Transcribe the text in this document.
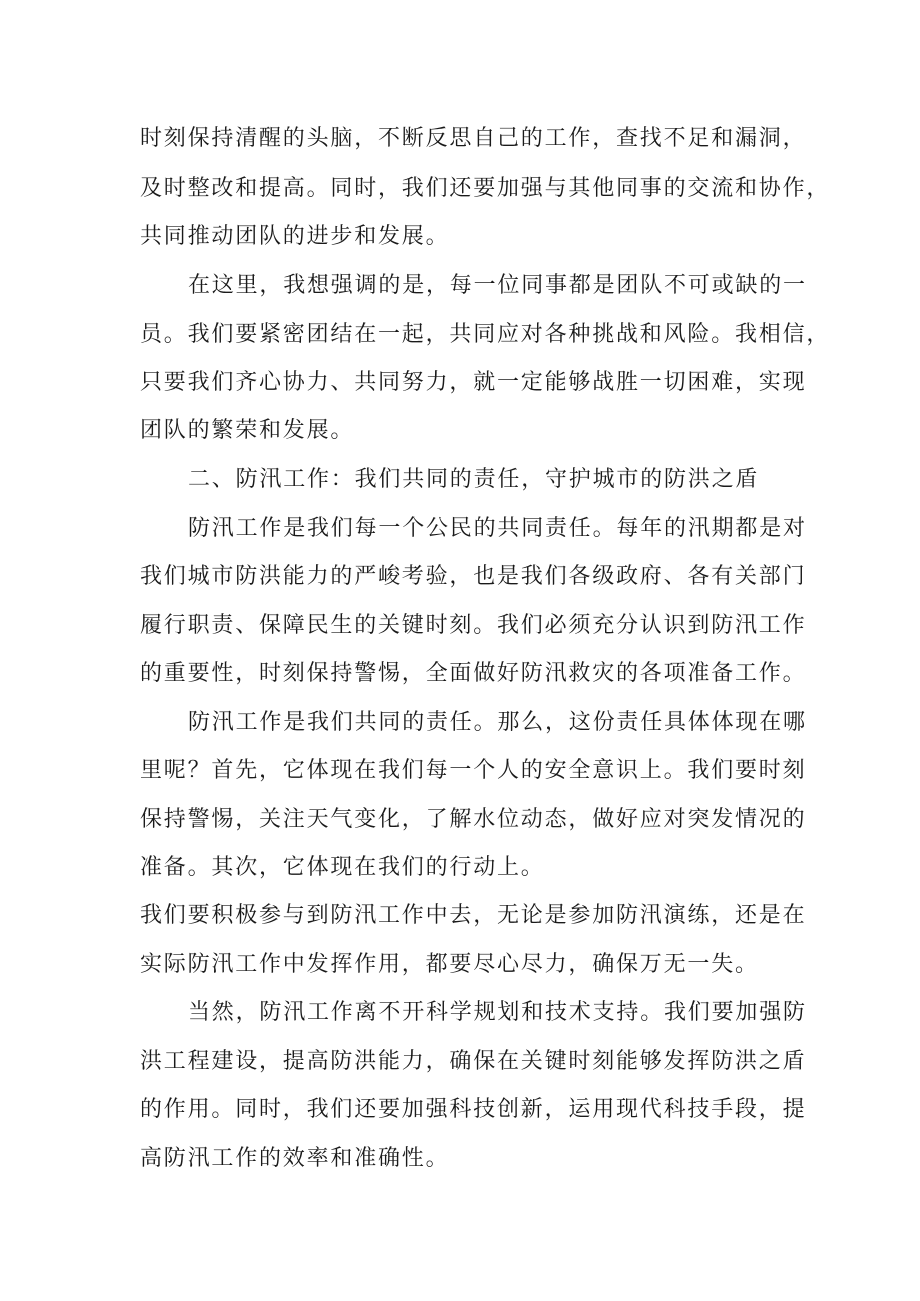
时刻保持清醒的头脑，不断反思自己的工作，查找不足和漏洞，

及时整改和提高。同时，我们还要加强与其他同事的交流和协作，

共同推动团队的进步和发展。

在这里，我想强调的是，每一位同事都是团队不可或缺的一

员。我们要紧密团结在一起，共同应对各种挑战和风险。我相信，

只要我们齐心协力、共同努力，就一定能够战胜一切困难，实现

团队的繁荣和发展。

二、防汛工作：我们共同的责任，守护城市的防洪之盾

防汛工作是我们每一个公民的共同责任。每年的汛期都是对

我们城市防洪能力的严峻考验，也是我们各级政府、各有关部门

履行职责、保障民生的关键时刻。我们必须充分认识到防汛工作

的重要性，时刻保持警惕，全面做好防汛救灾的各项准备工作。

防汛工作是我们共同的责任。那么，这份责任具体体现在哪

里呢？首先，它体现在我们每一个人的安全意识上。我们要时刻

保持警惕，关注天气变化，了解水位动态，做好应对突发情况的

准备。其次，它体现在我们的行动上。

我们要积极参与到防汛工作中去，无论是参加防汛演练，还是在

实际防汛工作中发挥作用，都要尽心尽力，确保万无一失。

当然，防汛工作离不开科学规划和技术支持。我们要加强防

洪工程建设，提高防洪能力，确保在关键时刻能够发挥防洪之盾

的作用。同时，我们还要加强科技创新，运用现代科技手段，提

高防汛工作的效率和准确性。
